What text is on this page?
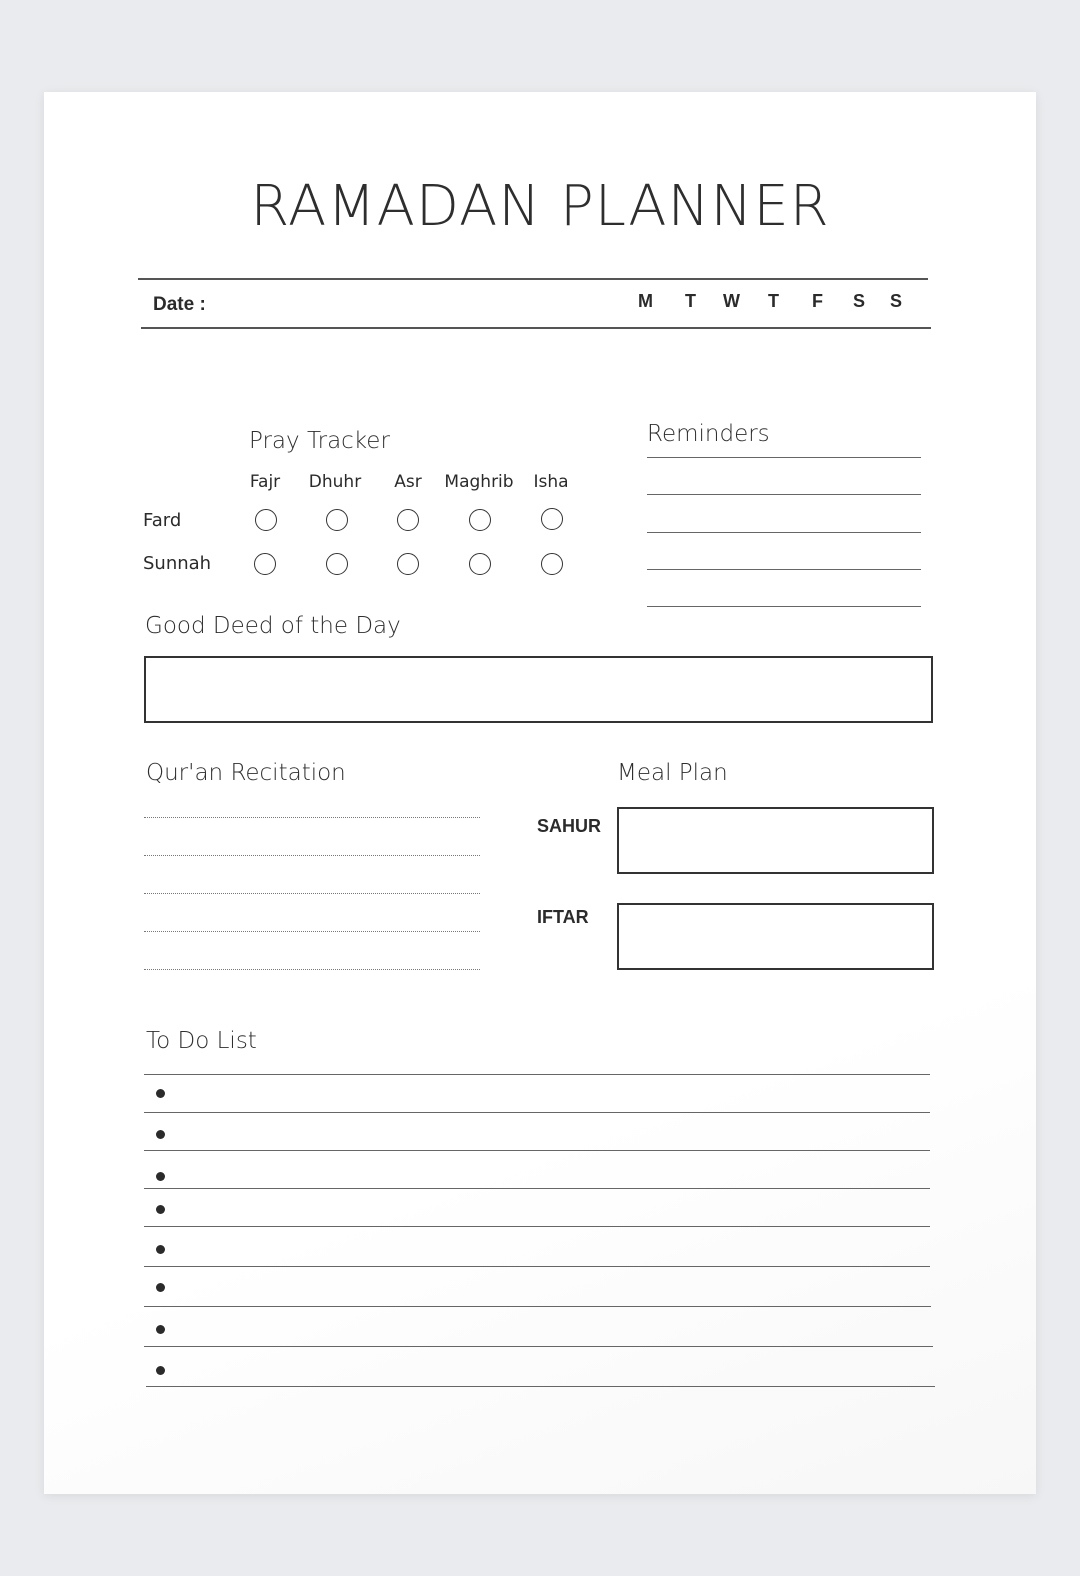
RAMADAN PLANNER
Date :	M T W T F S S
Pray Tracker
Fajr	Dhuhr	Asr	Maghrib	Isha
Fard
Sunnah
Reminders
Good Deed of the Day
Qur'an Recitation	Meal Plan
SAHUR
IFTAR
To Do List
